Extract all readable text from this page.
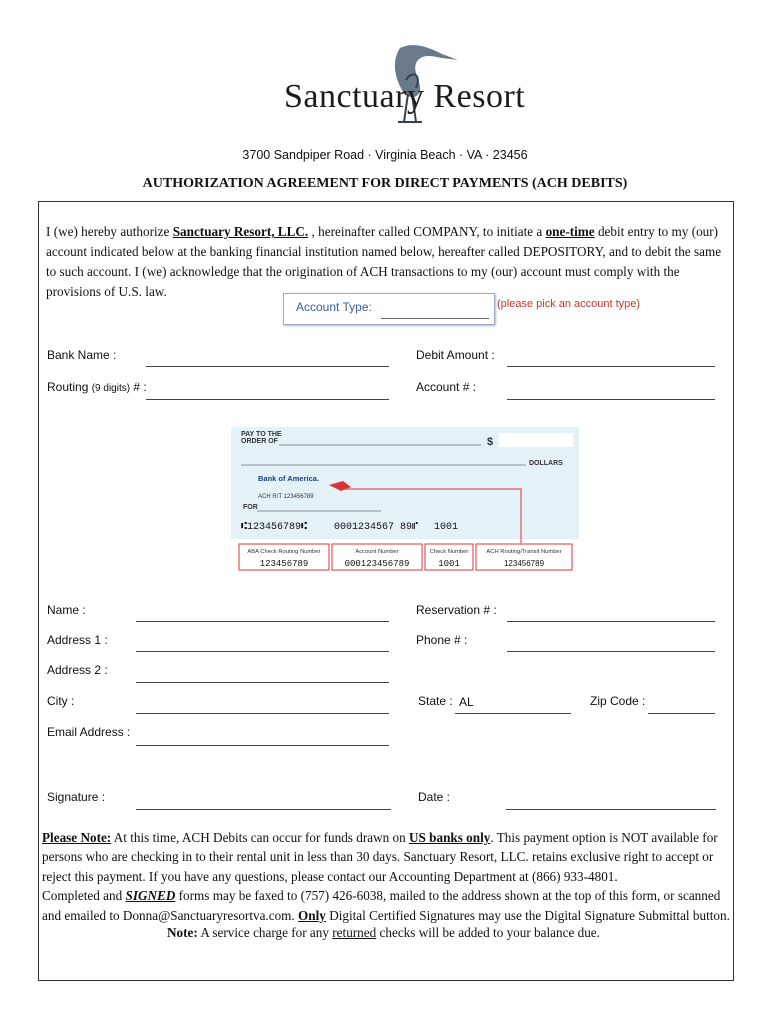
Sanctuary Resort
3700 Sandpiper Road · Virginia Beach · VA · 23456
AUTHORIZATION AGREEMENT FOR DIRECT PAYMENTS (ACH DEBITS)
I (we) hereby authorize Sanctuary Resort, LLC. , hereinafter called COMPANY, to initiate a one-time debit entry to my (our) account indicated below at the banking financial institution named below, hereafter called DEPOSITORY, and to debit the same to such account. I (we) acknowledge that the origination of ACH transactions to my (our) account must comply with the provisions of U.S. law.
Account Type:	(please pick an account type)
Bank Name :	Debit Amount :
Routing (9 digits) # :	Account # :
PAY TO THE
ORDER OF	$
DOLLARS
Bank of America.
ACH R/T 123456789
FOR
⑆123456789⑆	0001234567 89⑈ 1001
ABA Check Routing Number	Account Number	Check Number	ACH Routing/Transit Number
123456789	000123456789	1001	123456789
Name :	Reservation # :
Address 1 :	Phone # :
Address 2 :
City :	State : AL	Zip Code :
Email Address :
Signature :	Date :
Please Note: At this time, ACH Debits can occur for funds drawn on US banks only. This payment option is NOT available for persons who are checking in to their rental unit in less than 30 days. Sanctuary Resort, LLC. retains exclusive right to accept or reject this payment. If you have any questions, please contact our Accounting Department at (866) 933-4801.
Completed and SIGNED forms may be faxed to (757) 426-6038, mailed to the address shown at the top of this form, or scanned and emailed to Donna@Sanctuaryresortva.com. Only Digital Certified Signatures may use the Digital Signature Submittal button.
Note: A service charge for any returned checks will be added to your balance due.
